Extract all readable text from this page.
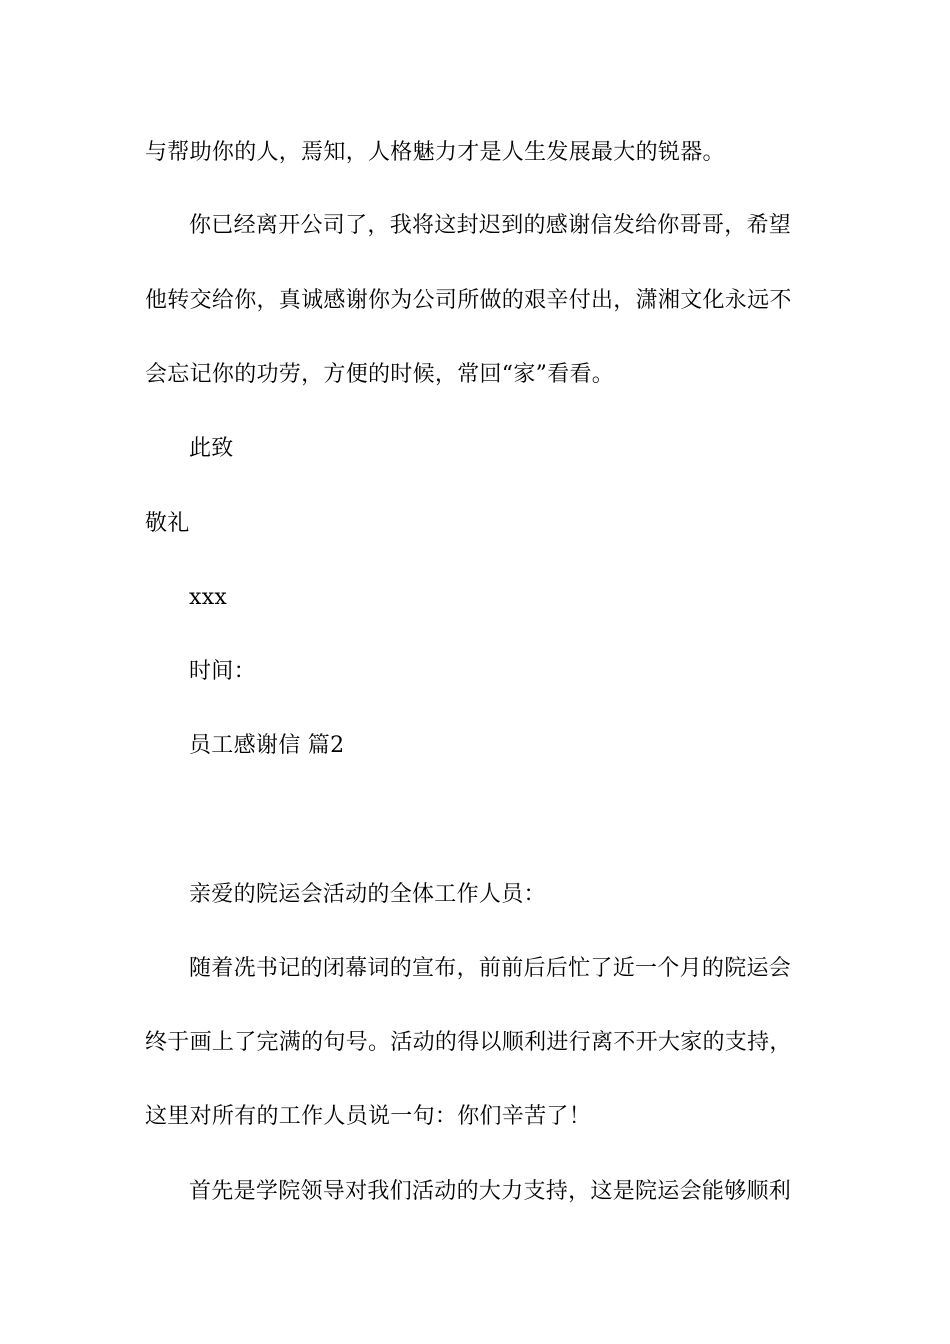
与帮助你的人，焉知，人格魅力才是人生发展最大的锐器。
你已经离开公司了，我将这封迟到的感谢信发给你哥哥，希望
他转交给你，真诚感谢你为公司所做的艰辛付出，潇湘文化永远不
会忘记你的功劳，方便的时候，常回“家”看看。
此致
敬礼
xxx
时间：
员工感谢信 篇2
亲爱的院运会活动的全体工作人员：
随着冼书记的闭幕词的宣布，前前后后忙了近一个月的院运会
终于画上了完满的句号。活动的得以顺利进行离不开大家的支持，
这里对所有的工作人员说一句：你们辛苦了！
首先是学院领导对我们活动的大力支持，这是院运会能够顺利
